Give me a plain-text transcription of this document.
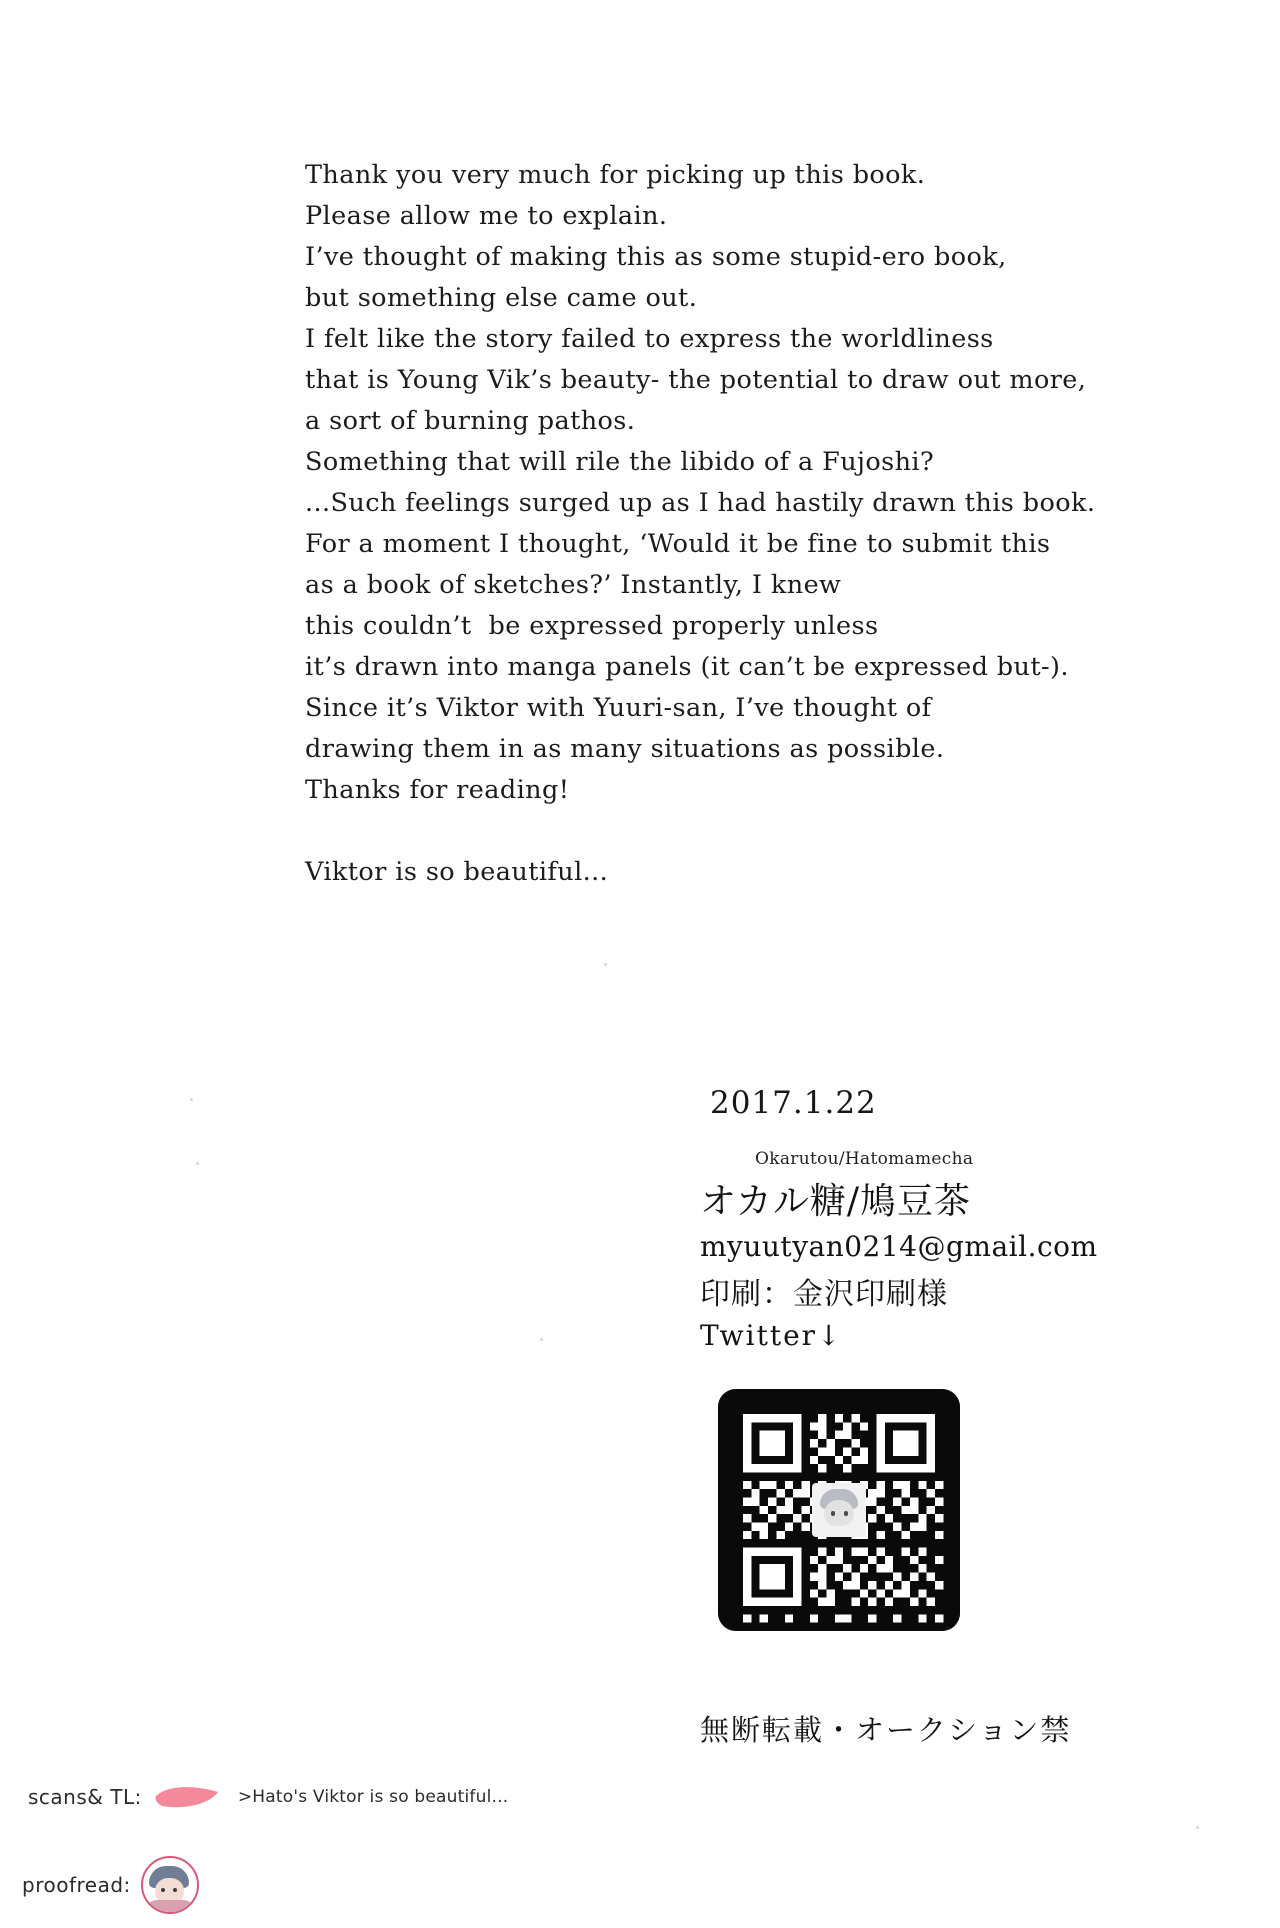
Thank you very much for picking up this book.

Please allow me to explain.

I’ve thought of making this as some stupid-ero book,

but something else came out.

I felt like the story failed to express the worldliness

that is Young Vik’s beauty- the potential to draw out more,

a sort of burning pathos.

Something that will rile the libido of a Fujoshi?

...Such feelings surged up as I had hastily drawn this book.

For a moment I thought, ‘Would it be fine to submit this

as a book of sketches?’ Instantly, I knew

this couldn’t  be expressed properly unless

it’s drawn into manga panels (it can’t be expressed but-).

Since it’s Viktor with Yuuri-san, I’ve thought of

drawing them in as many situations as possible.

Thanks for reading!

Viktor is so beautiful...

2017.1.22
Okarutou/Hatomamecha
オカル糖/鳩豆茶
myuutyan0214@gmail.com
印刷：金沢印刷様
Twitter↓
無断転載・オークション禁
scans& TL:	>Hato's Viktor is so beautiful...
proofread:
